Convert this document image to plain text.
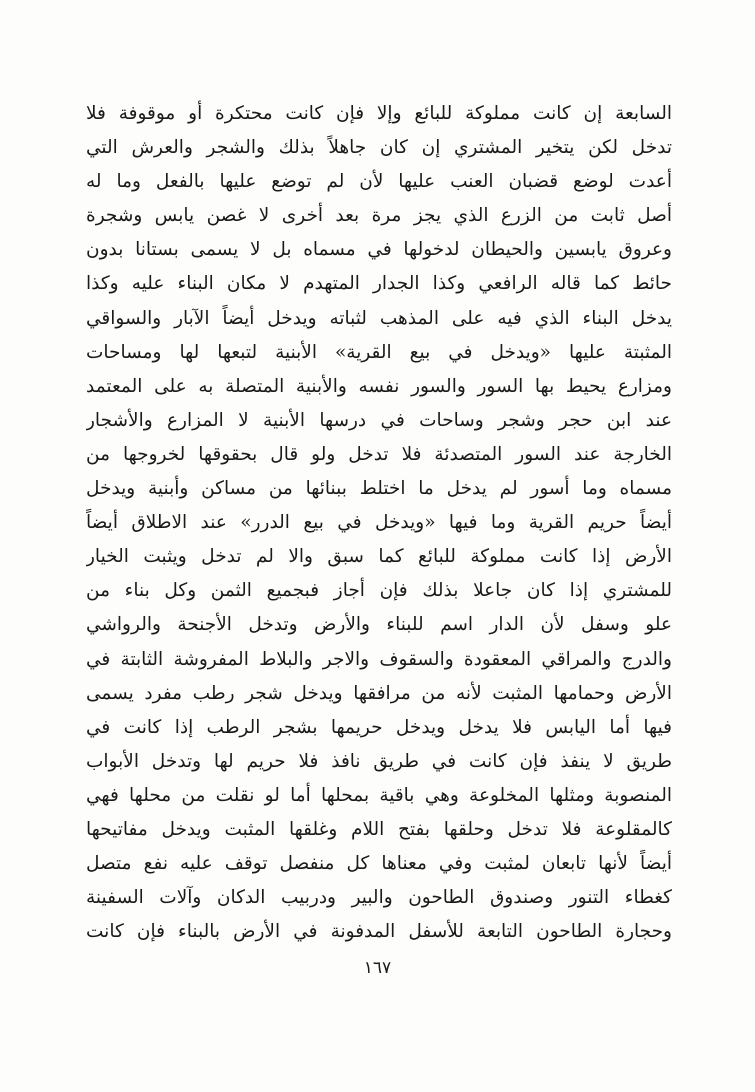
السابعة إن كانت مملوكة للبائع وإلا فإن كانت محتكرة أو موقوفة فلا
تدخل لكن يتخير المشتري إن كان جاهلاً بذلك والشجر والعرش التي
أعدت لوضع قضبان العنب عليها لأن لم توضع عليها بالفعل وما له
أصل ثابت من الزرع الذي يجز مرة بعد أخرى لا غصن يابس وشجرة
وعروق يابسين والحيطان لدخولها في مسماه بل لا يسمى بستانا بدون
حائط كما قاله الرافعي وكذا الجدار المتهدم لا مكان البناء عليه وكذا
يدخل البناء الذي فيه على المذهب لثباته ويدخل أيضاً الآبار والسواقي
المثبتة عليها «ويدخل في بيع القرية» الأبنية لتبعها لها ومساحات
ومزارع يحيط بها السور والسور نفسه والأبنية المتصلة به على المعتمد
عند ابن حجر وشجر وساحات في درسها الأبنية لا المزارع والأشجار
الخارجة عند السور المتصدئة فلا تدخل ولو قال بحقوقها لخروجها من
مسماه وما أسور لم يدخل ما اختلط ببنائها من مساكن وأبنية ويدخل
أيضاً حريم القرية وما فيها «ويدخل في بيع الدرر» عند الاطلاق أيضاً
الأرض إذا كانت مملوكة للبائع كما سبق والا لم تدخل ويثبت الخيار
للمشتري إذا كان جاعلا بذلك فإن أجاز فبجميع الثمن وكل بناء من
علو وسفل لأن الدار اسم للبناء والأرض وتدخل الأجنحة والرواشي
والدرج والمراقي المعقودة والسقوف والاجر والبلاط المفروشة الثابتة في
الأرض وحمامها المثبت لأنه من مرافقها ويدخل شجر رطب مفرد يسمى
فيها أما اليابس فلا يدخل ويدخل حريمها بشجر الرطب إذا كانت في
طريق لا ينفذ فإن كانت في طريق نافذ فلا حريم لها وتدخل الأبواب
المنصوبة ومثلها المخلوعة وهي باقية بمحلها أما لو نقلت من محلها فهي
كالمقلوعة فلا تدخل وحلقها بفتح اللام وغلقها المثبت ويدخل مفاتيحها
أيضاً لأنها تابعان لمثبت وفي معناها كل منفصل توقف عليه نفع متصل
كغطاء التنور وصندوق الطاحون والبير ودربيب الدكان وآلات السفينة
وحجارة الطاحون التابعة للأسفل المدفونة في الأرض بالبناء فإن كانت
١٦٧
